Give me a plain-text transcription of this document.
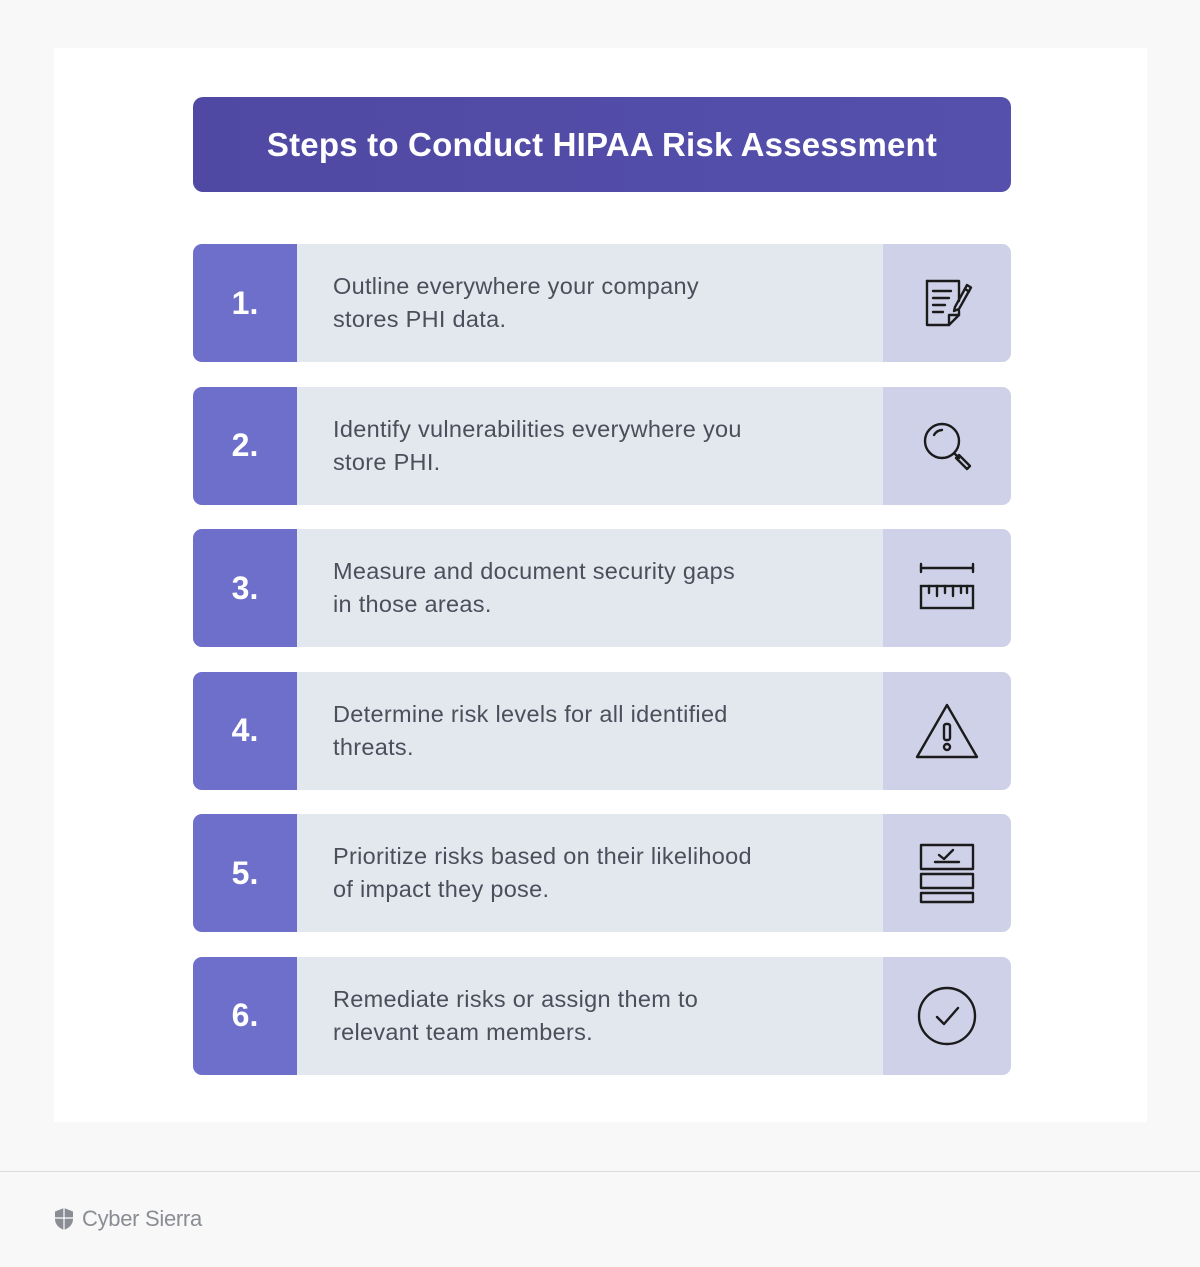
Steps to Conduct HIPAA Risk Assessment
1.	Outline everywhere your company stores PHI data.
2.	Identify vulnerabilities everywhere you store PHI.
3.	Measure and document security gaps in those areas.
4.	Determine risk levels for all identified threats.
5.	Prioritize risks based on their likelihood of impact they pose.
6.	Remediate risks or assign them to relevant team members.
Cyber Sierra
